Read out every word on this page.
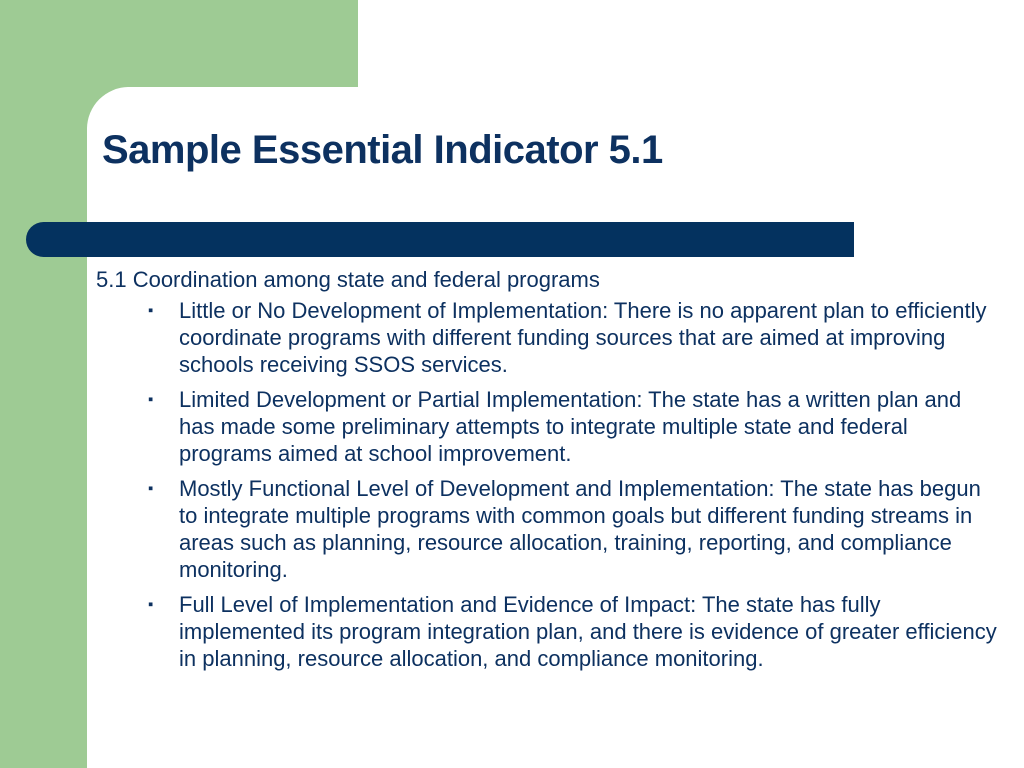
Sample Essential Indicator 5.1

5.1 Coordination among state and federal programs

▪ Little or No Development of Implementation: There is no apparent plan to efficiently coordinate programs with different funding sources that are aimed at improving schools receiving SSOS services.
▪ Limited Development or Partial Implementation: The state has a written plan and has made some preliminary attempts to integrate multiple state and federal programs aimed at school improvement.
▪ Mostly Functional Level of Development and Implementation: The state has begun to integrate multiple programs with common goals but different funding streams in areas such as planning, resource allocation, training, reporting, and compliance monitoring.
▪ Full Level of Implementation and Evidence of Impact: The state has fully implemented its program integration plan, and there is evidence of greater efficiency in planning, resource allocation, and compliance monitoring.
